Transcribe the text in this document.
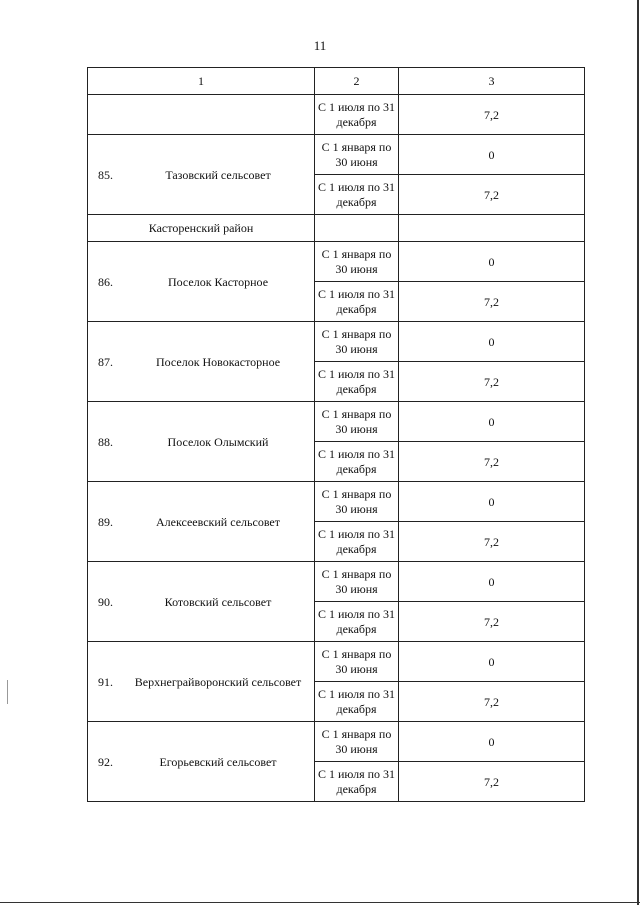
11
1	2	3
	С 1 июля по 31 декабря	7,2

85. Тазовский сельсовет	С 1 января по 30 июня	0
	С 1 июля по 31 декабря	7,2
Касторенский район		

86. Поселок Касторное	С 1 января по 30 июня	0
	С 1 июля по 31 декабря	7,2

87. Поселок Новокасторное	С 1 января по 30 июня	0
	С 1 июля по 31 декабря	7,2

88. Поселок Олымский	С 1 января по 30 июня	0
	С 1 июля по 31 декабря	7,2

89. Алексеевский сельсовет	С 1 января по 30 июня	0
	С 1 июля по 31 декабря	7,2

90. Котовский сельсовет	С 1 января по 30 июня	0
	С 1 июля по 31 декабря	7,2

91. Верхнеграйворонский сельсовет	С 1 января по 30 июня	0
	С 1 июля по 31 декабря	7,2

92. Егорьевский сельсовет	С 1 января по 30 июня	0
	С 1 июля по 31 декабря	7,2
